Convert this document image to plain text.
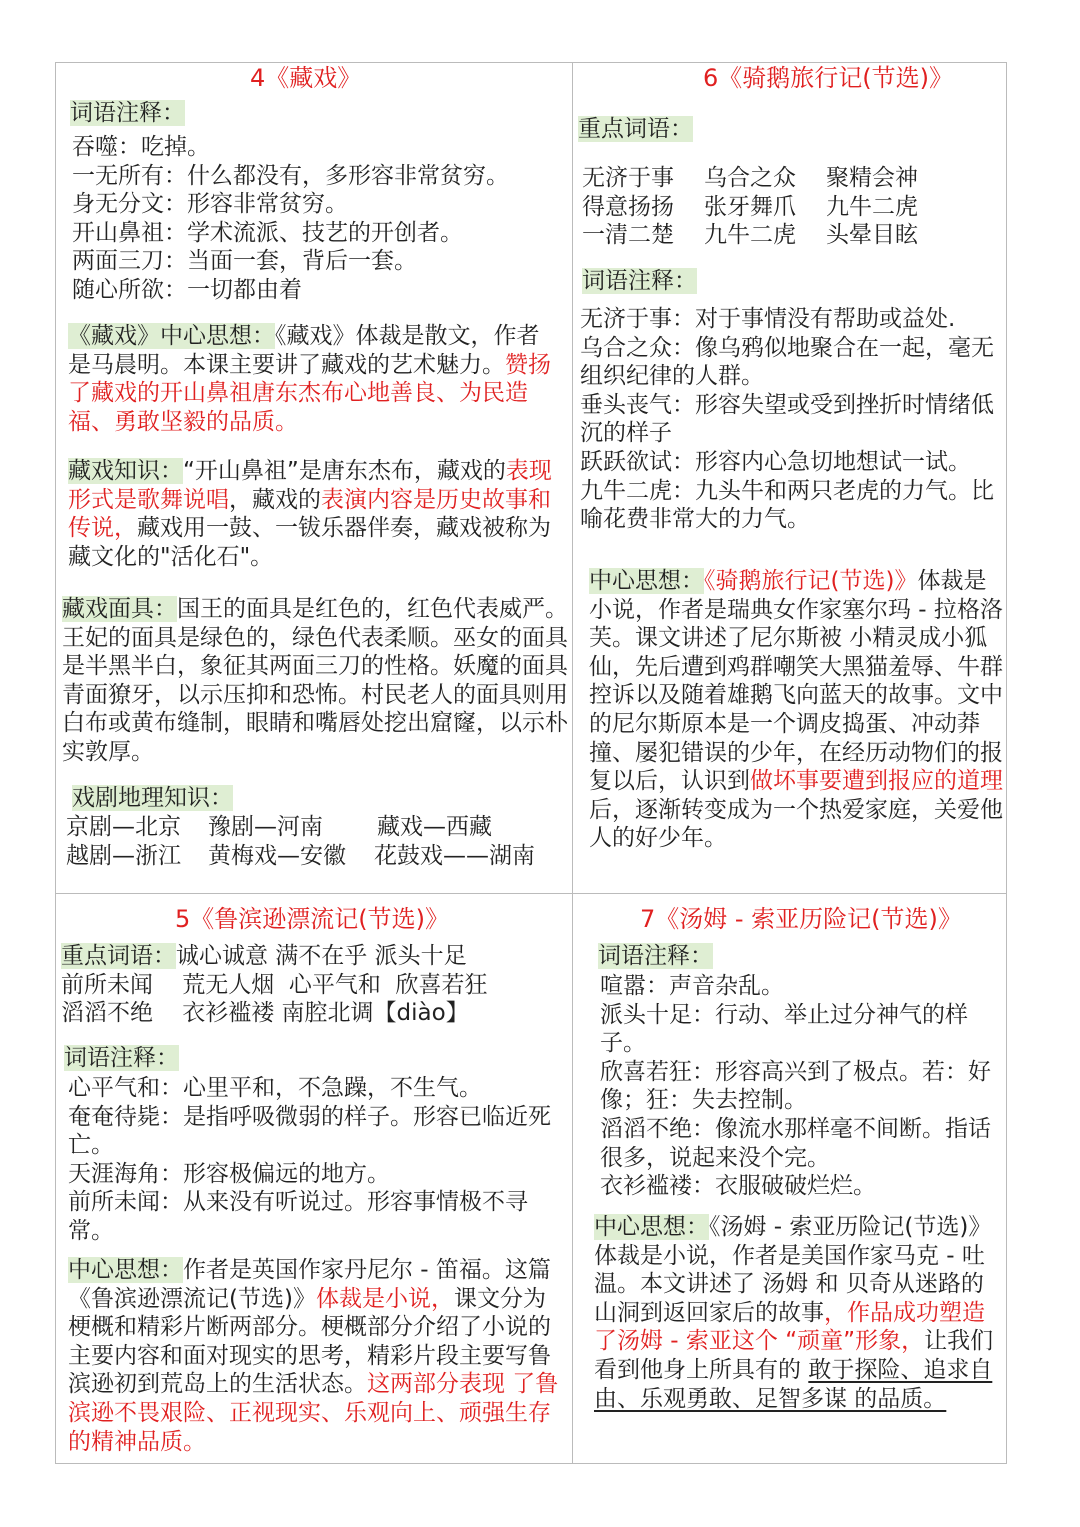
4《藏戏》
词语注释：
吞噬：吃掉。
一无所有：什么都没有，多形容非常贫穷。
身无分文：形容非常贫穷。
开山鼻祖：学术流派、技艺的开创者。
两面三刀：当面一套，背后一套。
随心所欲：一切都由着
《藏戏》中心思想：《藏戏》体裁是散文，作者是马晨明。本课主要讲了藏戏的艺术魅力。赞扬了藏戏的开山鼻祖唐东杰布心地善良、为民造福、勇敢坚毅的品质。
藏戏知识：“开山鼻祖”是唐东杰布，藏戏的表现形式是歌舞说唱，藏戏的表演内容是历史故事和传说，藏戏用一鼓、一钹乐器伴奏，藏戏被称为藏文化的"活化石"。
藏戏面具：国王的面具是红色的，红色代表威严。王妃的面具是绿色的，绿色代表柔顺。巫女的面具是半黑半白，象征其两面三刀的性格。妖魔的面具青面獠牙，以示压抑和恐怖。村民老人的面具则用白布或黄布缝制，眼睛和嘴唇处挖出窟窿，以示朴实敦厚。
戏剧地理知识：
京剧—北京 豫剧—河南 藏戏—西藏
越剧—浙江 黄梅戏—安徽 花鼓戏——湖南
6《骑鹅旅行记(节选)》
重点词语：
无济于事 乌合之众 聚精会神
得意扬扬 张牙舞爪 九牛二虎
一清二楚 九牛二虎 头晕目眩
词语注释：

无济于事：对于事情没有帮助或益处.

乌合之众：像乌鸦似地聚合在一起，毫无组织纪律的人群。

垂头丧气：形容失望或受到挫折时情绪低沉的样子

跃跃欲试：形容内心急切地想试一试。

九牛二虎：九头牛和两只老虎的力气。比喻花费非常大的力气。

中心思想：《骑鹅旅行记(节选)》体裁是小说，作者是瑞典女作家塞尔玛 - 拉格洛芙。课文讲述了尼尔斯被 小精灵成小狐仙，先后遭到鸡群嘲笑大黑猫羞辱、牛群控诉以及随着雄鹅飞向蓝天的故事。文中的尼尔斯原本是一个调皮捣蛋、冲动莽撞、屡犯错误的少年，在经历动物们的报复以后，认识到做坏事要遭到报应的道理后，逐渐转变成为一个热爱家庭，关爱他人的好少年。
5《鲁滨逊漂流记(节选)》
重点词语：诚心诚意 满不在乎 派头十足
前所未闻    荒无人烟  心平气和  欣喜若狂
滔滔不绝    衣衫褴褛 南腔北调【diào】
词语注释：

心平气和：心里平和，不急躁，不生气。

奄奄待毙：是指呼吸微弱的样子。形容已临近死亡。

天涯海角：形容极偏远的地方。

前所未闻：从来没有听说过。形容事情极不寻常。

中心思想：作者是英国作家丹尼尔 - 笛福。这篇《鲁滨逊漂流记(节选)》体裁是小说，课文分为梗概和精彩片断两部分。梗概部分介绍了小说的主要内容和面对现实的思考，精彩片段主要写鲁滨逊初到荒岛上的生活状态。这两部分表现 了鲁滨逊不畏艰险、正视现实、乐观向上、顽强生存的精神品质。
7《汤姆 - 索亚历险记(节选)》
词语注释：

喧嚣：声音杂乱。

派头十足：行动、举止过分神气的样子。

欣喜若狂：形容高兴到了极点。若：好像；狂：失去控制。

滔滔不绝：像流水那样毫不间断。指话很多，说起来没个完。

衣衫褴褛：衣服破破烂烂。

中心思想：《汤姆 - 索亚历险记(节选)》体裁是小说，作者是美国作家马克 - 吐温。本文讲述了 汤姆 和 贝奇从迷路的山洞到返回家后的故事，作品成功塑造了汤姆 - 索亚这个 “顽童”形象，让我们看到他身上所具有的 敢于探险、追求自由、乐观勇敢、足智多谋 的品质。
